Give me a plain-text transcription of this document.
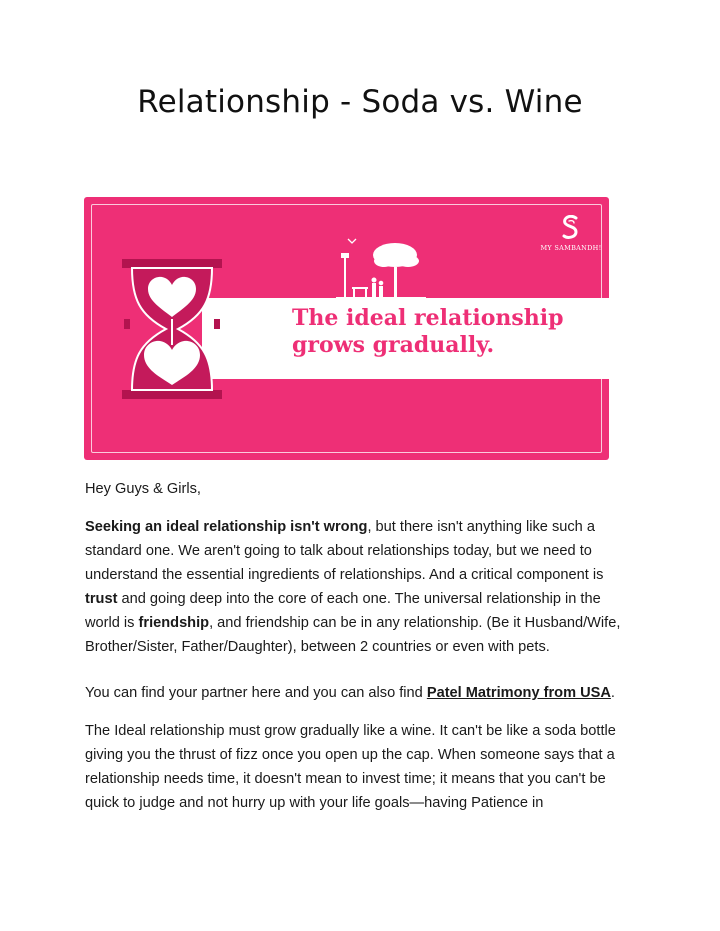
Relationship - Soda vs. Wine
MY SAMBANDH!

The ideal relationship
grows gradually.

Hey Guys & Girls,

Seeking an ideal relationship isn't wrong, but there isn't anything like such a standard one. We aren't going to talk about relationships today, but we need to understand the essential ingredients of relationships. And a critical component is trust and going deep into the core of each one. The universal relationship in the world is friendship, and friendship can be in any relationship. (Be it Husband/Wife, Brother/Sister, Father/Daughter), between 2 countries or even with pets.

You can find your partner here and you can also find Patel Matrimony from USA.

The Ideal relationship must grow gradually like a wine. It can't be like a soda bottle giving you the thrust of fizz once you open up the cap. When someone says that a relationship needs time, it doesn't mean to invest time; it means that you can't be quick to judge and not hurry up with your life goals—having Patience in
